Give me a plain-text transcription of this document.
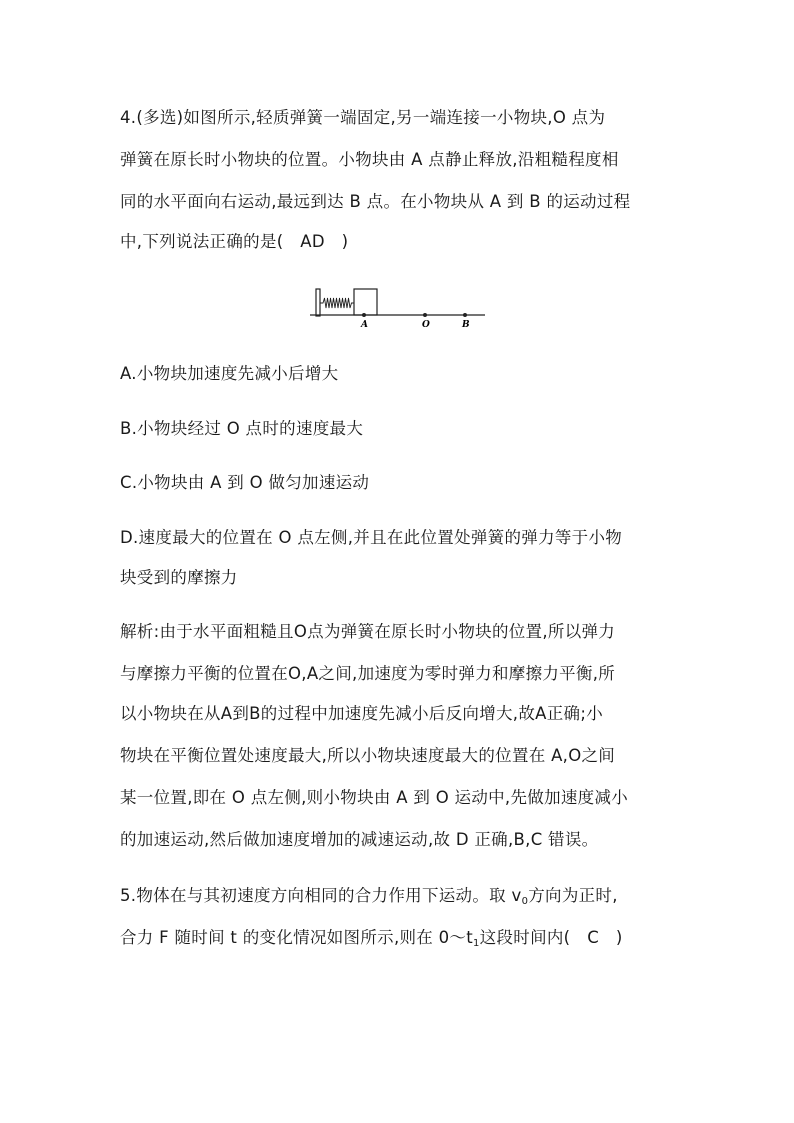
4.(多选)如图所示,轻质弹簧一端固定,另一端连接一小物块,O 点为
弹簧在原长时小物块的位置。小物块由 A 点静止释放,沿粗糙程度相
同的水平面向右运动,最远到达 B 点。在小物块从 A 到 B 的运动过程
中,下列说法正确的是(　AD　)
A	O	B
A.小物块加速度先减小后增大
B.小物块经过 O 点时的速度最大
C.小物块由 A 到 O 做匀加速运动
D.速度最大的位置在 O 点左侧,并且在此位置处弹簧的弹力等于小物
块受到的摩擦力
解析:由于水平面粗糙且O点为弹簧在原长时小物块的位置,所以弹力
与摩擦力平衡的位置在O,A之间,加速度为零时弹力和摩擦力平衡,所
以小物块在从A到B的过程中加速度先减小后反向增大,故A正确;小
物块在平衡位置处速度最大,所以小物块速度最大的位置在 A,O之间
某一位置,即在 O 点左侧,则小物块由 A 到 O 运动中,先做加速度减小
的加速运动,然后做加速度增加的减速运动,故 D 正确,B,C 错误。
5.物体在与其初速度方向相同的合力作用下运动。取 $v_0$方向为正时,
合力 F 随时间 t 的变化情况如图所示,则在 $0\sim t_1$这段时间内(　C　)
